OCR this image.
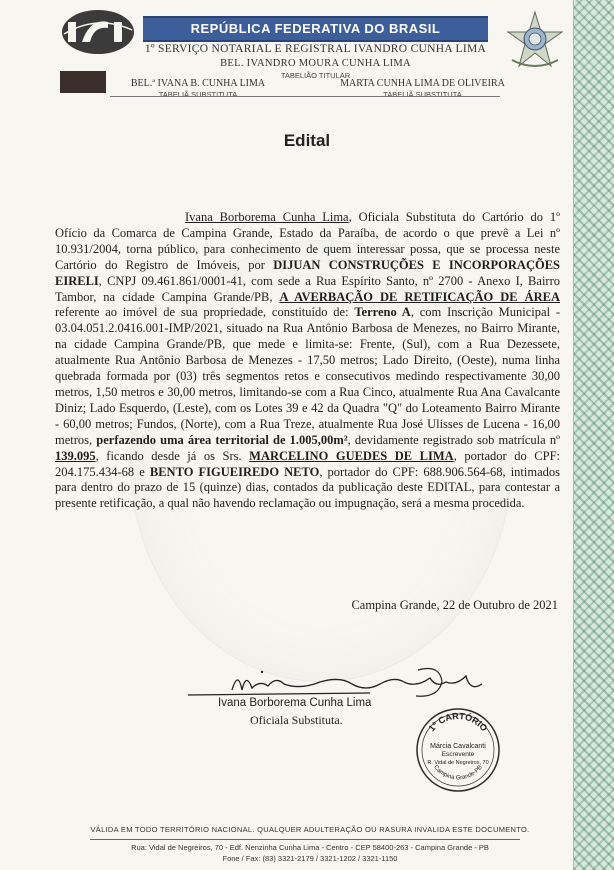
REPÚBLICA FEDERATIVA DO BRASIL
1º SERVIÇO NOTARIAL E REGISTRAL IVANDRO CUNHA LIMA
BEL. IVANDRO MOURA CUNHA LIMA
TABELIÃO TITULAR
BEL.ª IVANA B. CUNHA LIMA
TABELIÃ SUBSTITUTA
MARTA CUNHA LIMA DE OLIVEIRA
TABELIÃ SUBSTITUTA
Edital

Ivana Borborema Cunha Lima, Oficiala Substituta do Cartório do 1º Ofício da Comarca de Campina Grande, Estado da Paraíba, de acordo o que prevê a Lei nº 10.931/2004, torna público, para conhecimento de quem interessar possa, que se processa neste Cartório do Registro de Imóveis, por DIJUAN CONSTRUÇÕES E INCORPORAÇÕES EIRELI, CNPJ 09.461.861/0001-41, com sede a Rua Espírito Santo, nº 2700 - Anexo I, Bairro Tambor, na cidade Campina Grande/PB, A AVERBAÇÃO DE RETIFICAÇÃO DE ÁREA referente ao imóvel de sua propriedade, constituído de: Terreno A, com Inscrição Municipal - 03.04.051.2.0416.001-IMP/2021, situado na Rua Antônio Barbosa de Menezes, no Bairro Mirante, na cidade Campina Grande/PB, que mede e limita-se: Frente, (Sul), com a Rua Dezessete, atualmente Rua Antônio Barbosa de Menezes - 17,50 metros; Lado Direito, (Oeste), numa linha quebrada formada por (03) três segmentos retos e consecutivos medindo respectivamente 30,00 metros, 1,50 metros e 30,00 metros, limitando-se com a Rua Cinco, atualmente Rua Ana Cavalcante Diniz; Lado Esquerdo, (Leste), com os Lotes 39 e 42 da Quadra "Q" do Loteamento Bairro Mirante - 60,00 metros; Fundos, (Norte), com a Rua Treze, atualmente Rua José Ulisses de Lucena - 16,00 metros, perfazendo uma área territorial de 1.005,00m², devidamente registrado sob matrícula nº 139.095, ficando desde já os Srs. MARCELINO GUEDES DE LIMA, portador do CPF: 204.175.434-68 e BENTO FIGUEIREDO NETO, portador do CPF: 688.906.564-68, intimados para dentro do prazo de 15 (quinze) dias, contados da publicação deste EDITAL, para contestar a presente retificação, a qual não havendo reclamação ou impugnação, será a mesma procedida.

Campina Grande, 22 de Outubro de 2021
Ivana Borborema Cunha Lima
Oficiala Substituta.
1º CARTÓRIO
Márcia Cavalcanti
Escrevente
R. Vidal de Negreiros, 70
Campina Grande-PB
VÁLIDA EM TODO TERRITÓRIO NACIONAL. QUALQUER ADULTERAÇÃO OU RASURA INVALIDA ESTE DOCUMENTO.
Rua: Vidal de Negreiros, 70 - Edf. Nenzinha Cunha Lima - Centro - CEP 58400-263 - Campina Grande - PB
Fone / Fax: (83) 3321-2179 / 3321-1202 / 3321-1150
